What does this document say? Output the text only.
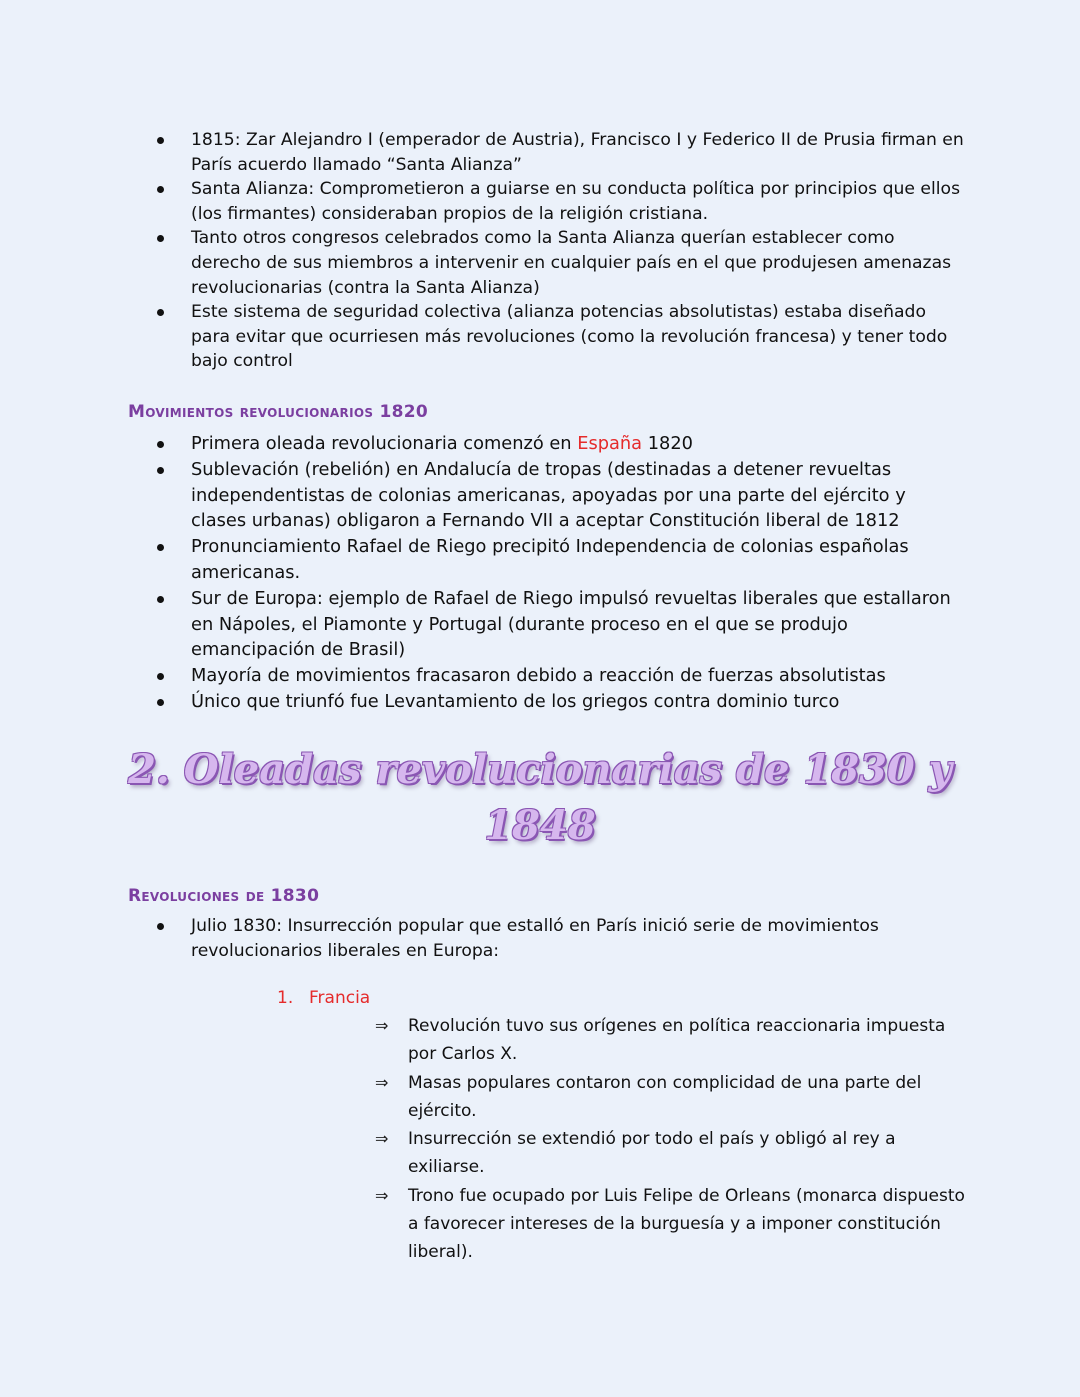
1815: Zar Alejandro I (emperador de Austria), Francisco I y Federico II de Prusia firman en París acuerdo llamado “Santa Alianza”
Santa Alianza: Comprometieron a guiarse en su conducta política por principios que ellos (los firmantes) consideraban propios de la religión cristiana.
Tanto otros congresos celebrados como la Santa Alianza querían establecer como derecho de sus miembros a intervenir en cualquier país en el que produjesen amenazas revolucionarias (contra la Santa Alianza)
Este sistema de seguridad colectiva (alianza potencias absolutistas) estaba diseñado para evitar que ocurriesen más revoluciones (como la revolución francesa) y tener todo bajo control
Movimientos revolucionarios 1820
Primera oleada revolucionaria comenzó en España 1820
Sublevación (rebelión) en Andalucía de tropas (destinadas a detener revueltas independentistas de colonias americanas, apoyadas por una parte del ejército y clases urbanas) obligaron a Fernando VII a aceptar Constitución liberal de 1812
Pronunciamiento Rafael de Riego precipitó Independencia de colonias españolas americanas.
Sur de Europa: ejemplo de Rafael de Riego impulsó revueltas liberales que estallaron en Nápoles, el Piamonte y Portugal (durante proceso en el que se produjo emancipación de Brasil)
Mayoría de movimientos fracasaron debido a reacción de fuerzas absolutistas
Único que triunfó fue Levantamiento de los griegos contra dominio turco
2. Oleadas revolucionarias de 1830 y
1848
Revoluciones de 1830
Julio 1830: Insurrección popular que estalló en París inició serie de movimientos revolucionarios liberales en Europa:
1. Francia
⇒ Revolución tuvo sus orígenes en política reaccionaria impuesta por Carlos X.
⇒ Masas populares contaron con complicidad de una parte del ejército.
⇒ Insurrección se extendió por todo el país y obligó al rey a exiliarse.
⇒ Trono fue ocupado por Luis Felipe de Orleans (monarca dispuesto a favorecer intereses de la burguesía y a imponer constitución liberal).
